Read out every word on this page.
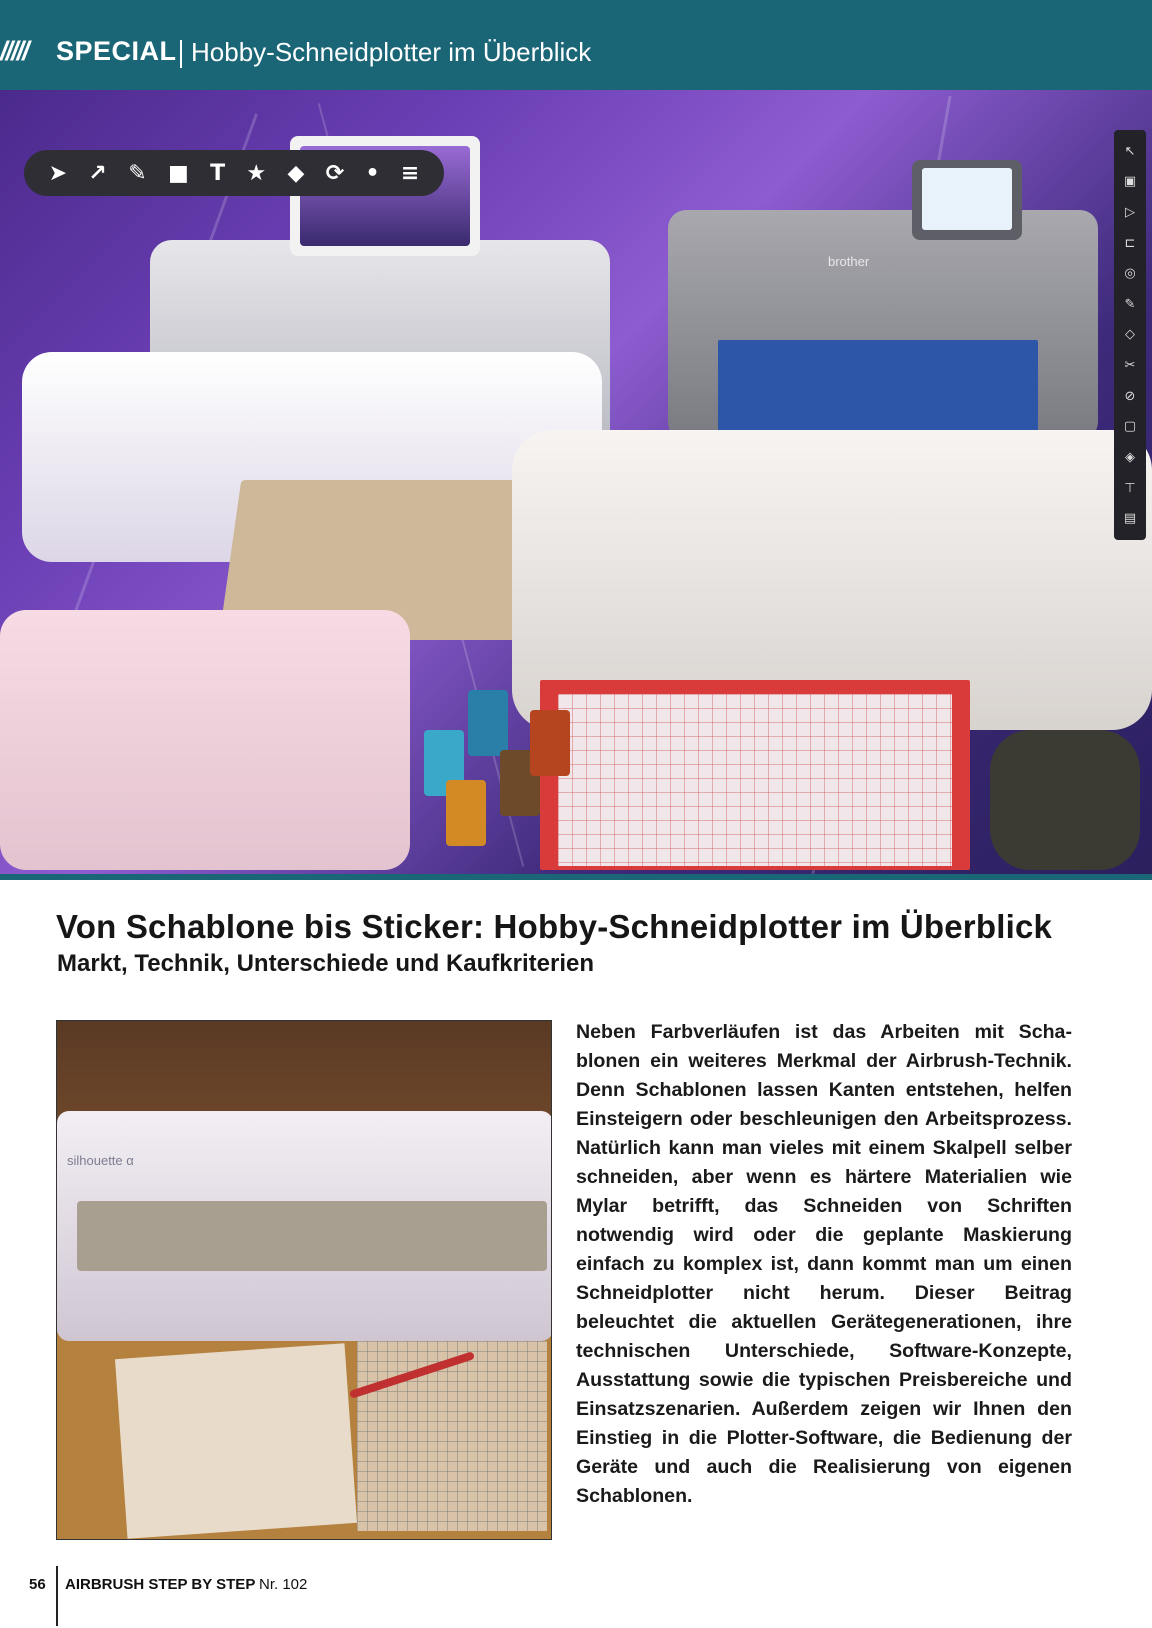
///// SPECIAL Hobby-Schneidplotter im Überblick
brother
➤ ↗ ✎ ■ T ★ ◆ ⟳ • ≡
↖
▣
▷
⊏
◎
✎
◇
✂
⊘
▢
◈
⊤
▤
Von Schablone bis Sticker: Hobby-Schneidplotter im Überblick
Markt, Technik, Unterschiede und Kaufkriterien
silhouette α

Neben Farbverläufen ist das Arbeiten mit Schablonen ein weiteres Merkmal der Airbrush-Technik. Denn Schablonen lassen Kanten entstehen, helfen Einsteigern oder beschleunigen den Arbeitsprozess. Natürlich kann man vieles mit einem Skalpell selber schneiden, aber wenn es härtere Materialien wie Mylar betrifft, das Schneiden von Schriften notwendig wird oder die geplante Maskierung einfach zu komplex ist, dann kommt man um einen Schneidplotter nicht herum. Dieser Beitrag beleuchtet die aktuellen Gerätegenerationen, ihre technischen Unterschiede, Software-Konzepte, Ausstattung sowie die typischen Preisbereiche und Einsatzszenarien. Außerdem zeigen wir Ihnen den Einstieg in die Plotter-Software, die Bedienung der Geräte und auch die Realisierung von eigenen Schablonen.

56 AIRBRUSH STEP BY STEP Nr. 102
